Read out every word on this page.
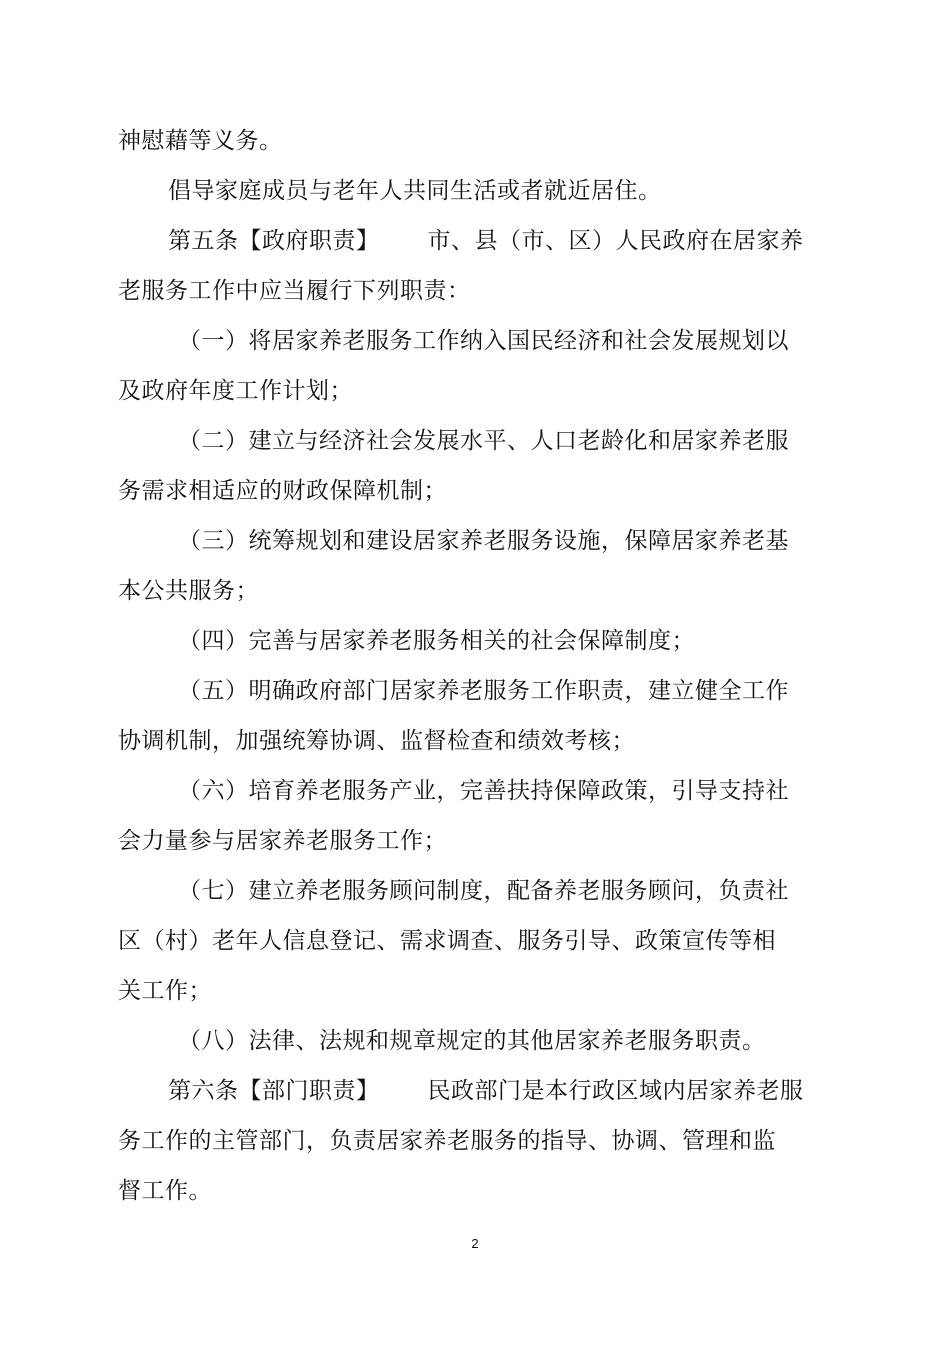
神慰藉等义务。
倡导家庭成员与老年人共同生活或者就近居住。
第五条【政府职责】 市、县（市、区）人民政府在居家养
老服务工作中应当履行下列职责：
（一）将居家养老服务工作纳入国民经济和社会发展规划以
及政府年度工作计划；
（二）建立与经济社会发展水平、人口老龄化和居家养老服
务需求相适应的财政保障机制；
（三）统筹规划和建设居家养老服务设施，保障居家养老基
本公共服务；
（四）完善与居家养老服务相关的社会保障制度；
（五）明确政府部门居家养老服务工作职责，建立健全工作
协调机制，加强统筹协调、监督检查和绩效考核；
（六）培育养老服务产业，完善扶持保障政策，引导支持社
会力量参与居家养老服务工作；
（七）建立养老服务顾问制度，配备养老服务顾问，负责社
区（村）老年人信息登记、需求调查、服务引导、政策宣传等相
关工作；
（八）法律、法规和规章规定的其他居家养老服务职责。
第六条【部门职责】 民政部门是本行政区域内居家养老服
务工作的主管部门，负责居家养老服务的指导、协调、管理和监
督工作。
2
